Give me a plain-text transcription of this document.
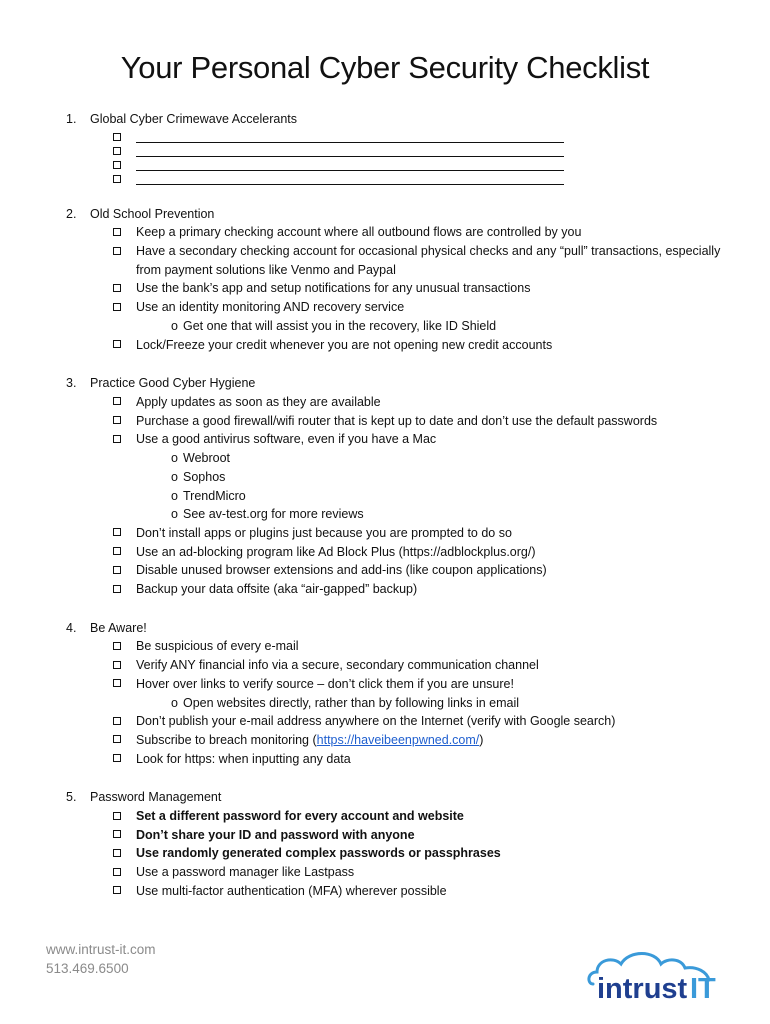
Your Personal Cyber Security Checklist
1. Global Cyber Crimewave Accelerants
2. Old School Prevention
Keep a primary checking account where all outbound flows are controlled by you
Have a secondary checking account for occasional physical checks and any “pull” transactions, especially from payment solutions like Venmo and Paypal
Use the bank’s app and setup notifications for any unusual transactions
Use an identity monitoring AND recovery service
o Get one that will assist you in the recovery, like ID Shield
Lock/Freeze your credit whenever you are not opening new credit accounts
3. Practice Good Cyber Hygiene
Apply updates as soon as they are available
Purchase a good firewall/wifi router that is kept up to date and don’t use the default passwords
Use a good antivirus software, even if you have a Mac
o Webroot
o Sophos
o TrendMicro
o See av-test.org for more reviews
Don’t install apps or plugins just because you are prompted to do so
Use an ad-blocking program like Ad Block Plus (https://adblockplus.org/)
Disable unused browser extensions and add-ins (like coupon applications)
Backup your data offsite (aka “air-gapped” backup)
4. Be Aware!
Be suspicious of every e-mail
Verify ANY financial info via a secure, secondary communication channel
Hover over links to verify source – don’t click them if you are unsure!
o Open websites directly, rather than by following links in email
Don’t publish your e-mail address anywhere on the Internet (verify with Google search)
Subscribe to breach monitoring (https://haveibeenpwned.com/)
Look for https: when inputting any data
5. Password Management
Set a different password for every account and website
Don’t share your ID and password with anyone
Use randomly generated complex passwords or passphrases
Use a password manager like Lastpass
Use multi-factor authentication (MFA) wherever possible
www.intrust-it.com
513.469.6500
intrust IT
